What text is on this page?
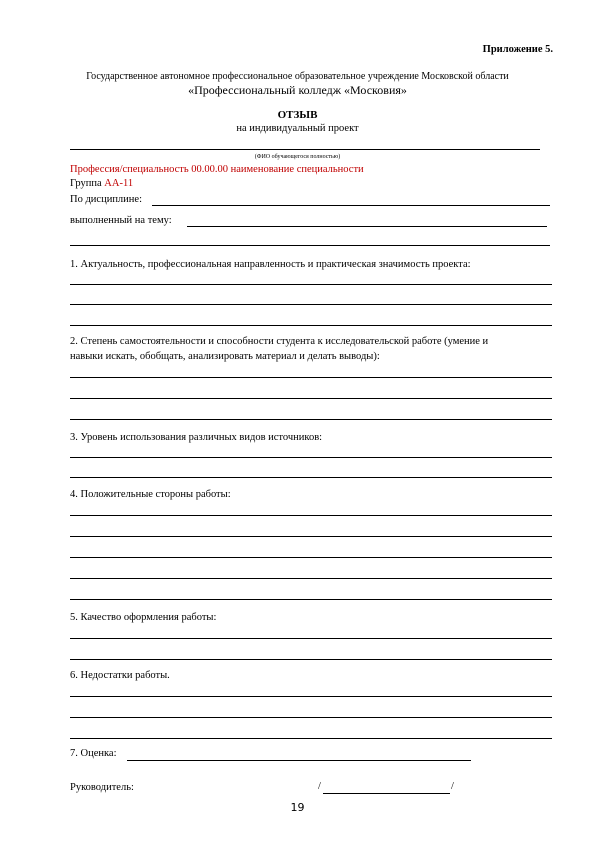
Приложение 5.
Государственное автономное профессиональное образовательное учреждение Московской области
«Профессиональный колледж «Московия»
ОТЗЫВ
на индивидуальный проект
(ФИО обучающегося полностью)
Профессия/специальность 00.00.00 наименование специальности
Группа АА-11
По дисциплине:
выполненный на тему:
1. Актуальность, профессиональная направленность и практическая значимость проекта:
2. Степень самостоятельности и способности студента к исследовательской работе (умение и
навыки искать, обобщать, анализировать материал и делать выводы):
3. Уровень использования различных видов источников:
4. Положительные стороны работы:
5. Качество оформления работы:
6. Недостатки работы.
7. Оценка:
Руководитель:	/	/
19
